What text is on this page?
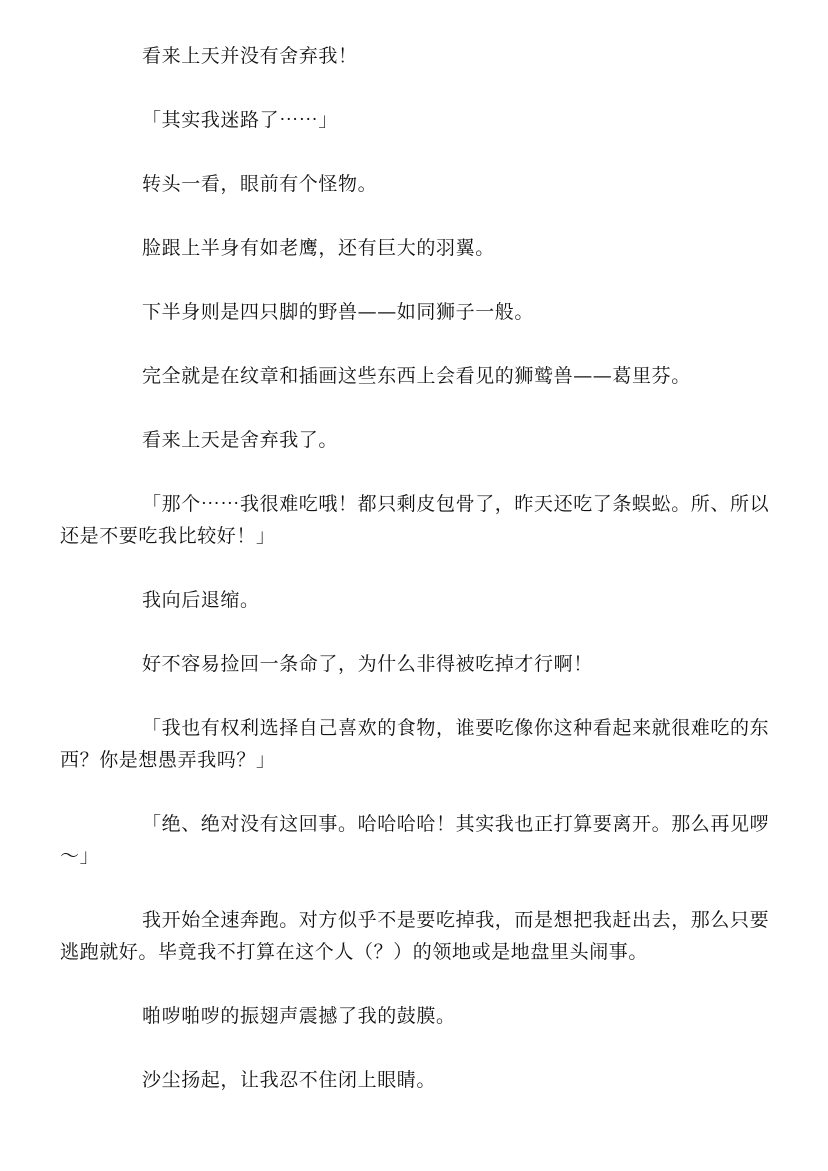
看来上天并没有舍弃我！

「其实我迷路了⋯⋯」

转头一看，眼前有个怪物。

脸跟上半身有如老鹰，还有巨大的羽翼。

下半身则是四只脚的野兽——如同狮子一般。

完全就是在纹章和插画这些东西上会看见的狮鹫兽——葛里芬。

看来上天是舍弃我了。

「那个⋯⋯我很难吃哦！都只剩皮包骨了，昨天还吃了条蜈蚣。所、所以还是不要吃我比较好！」

我向后退缩。

好不容易捡回一条命了，为什么非得被吃掉才行啊！

「我也有权利选择自己喜欢的食物，谁要吃像你这种看起来就很难吃的东西？你是想愚弄我吗？」

「绝、绝对没有这回事。哈哈哈哈！其实我也正打算要离开。那么再见啰～」

我开始全速奔跑。对方似乎不是要吃掉我，而是想把我赶出去，那么只要逃跑就好。毕竟我不打算在这个人（？）的领地或是地盘里头闹事。

啪哕啪哕的振翅声震撼了我的鼓膜。

沙尘扬起，让我忍不住闭上眼睛。
